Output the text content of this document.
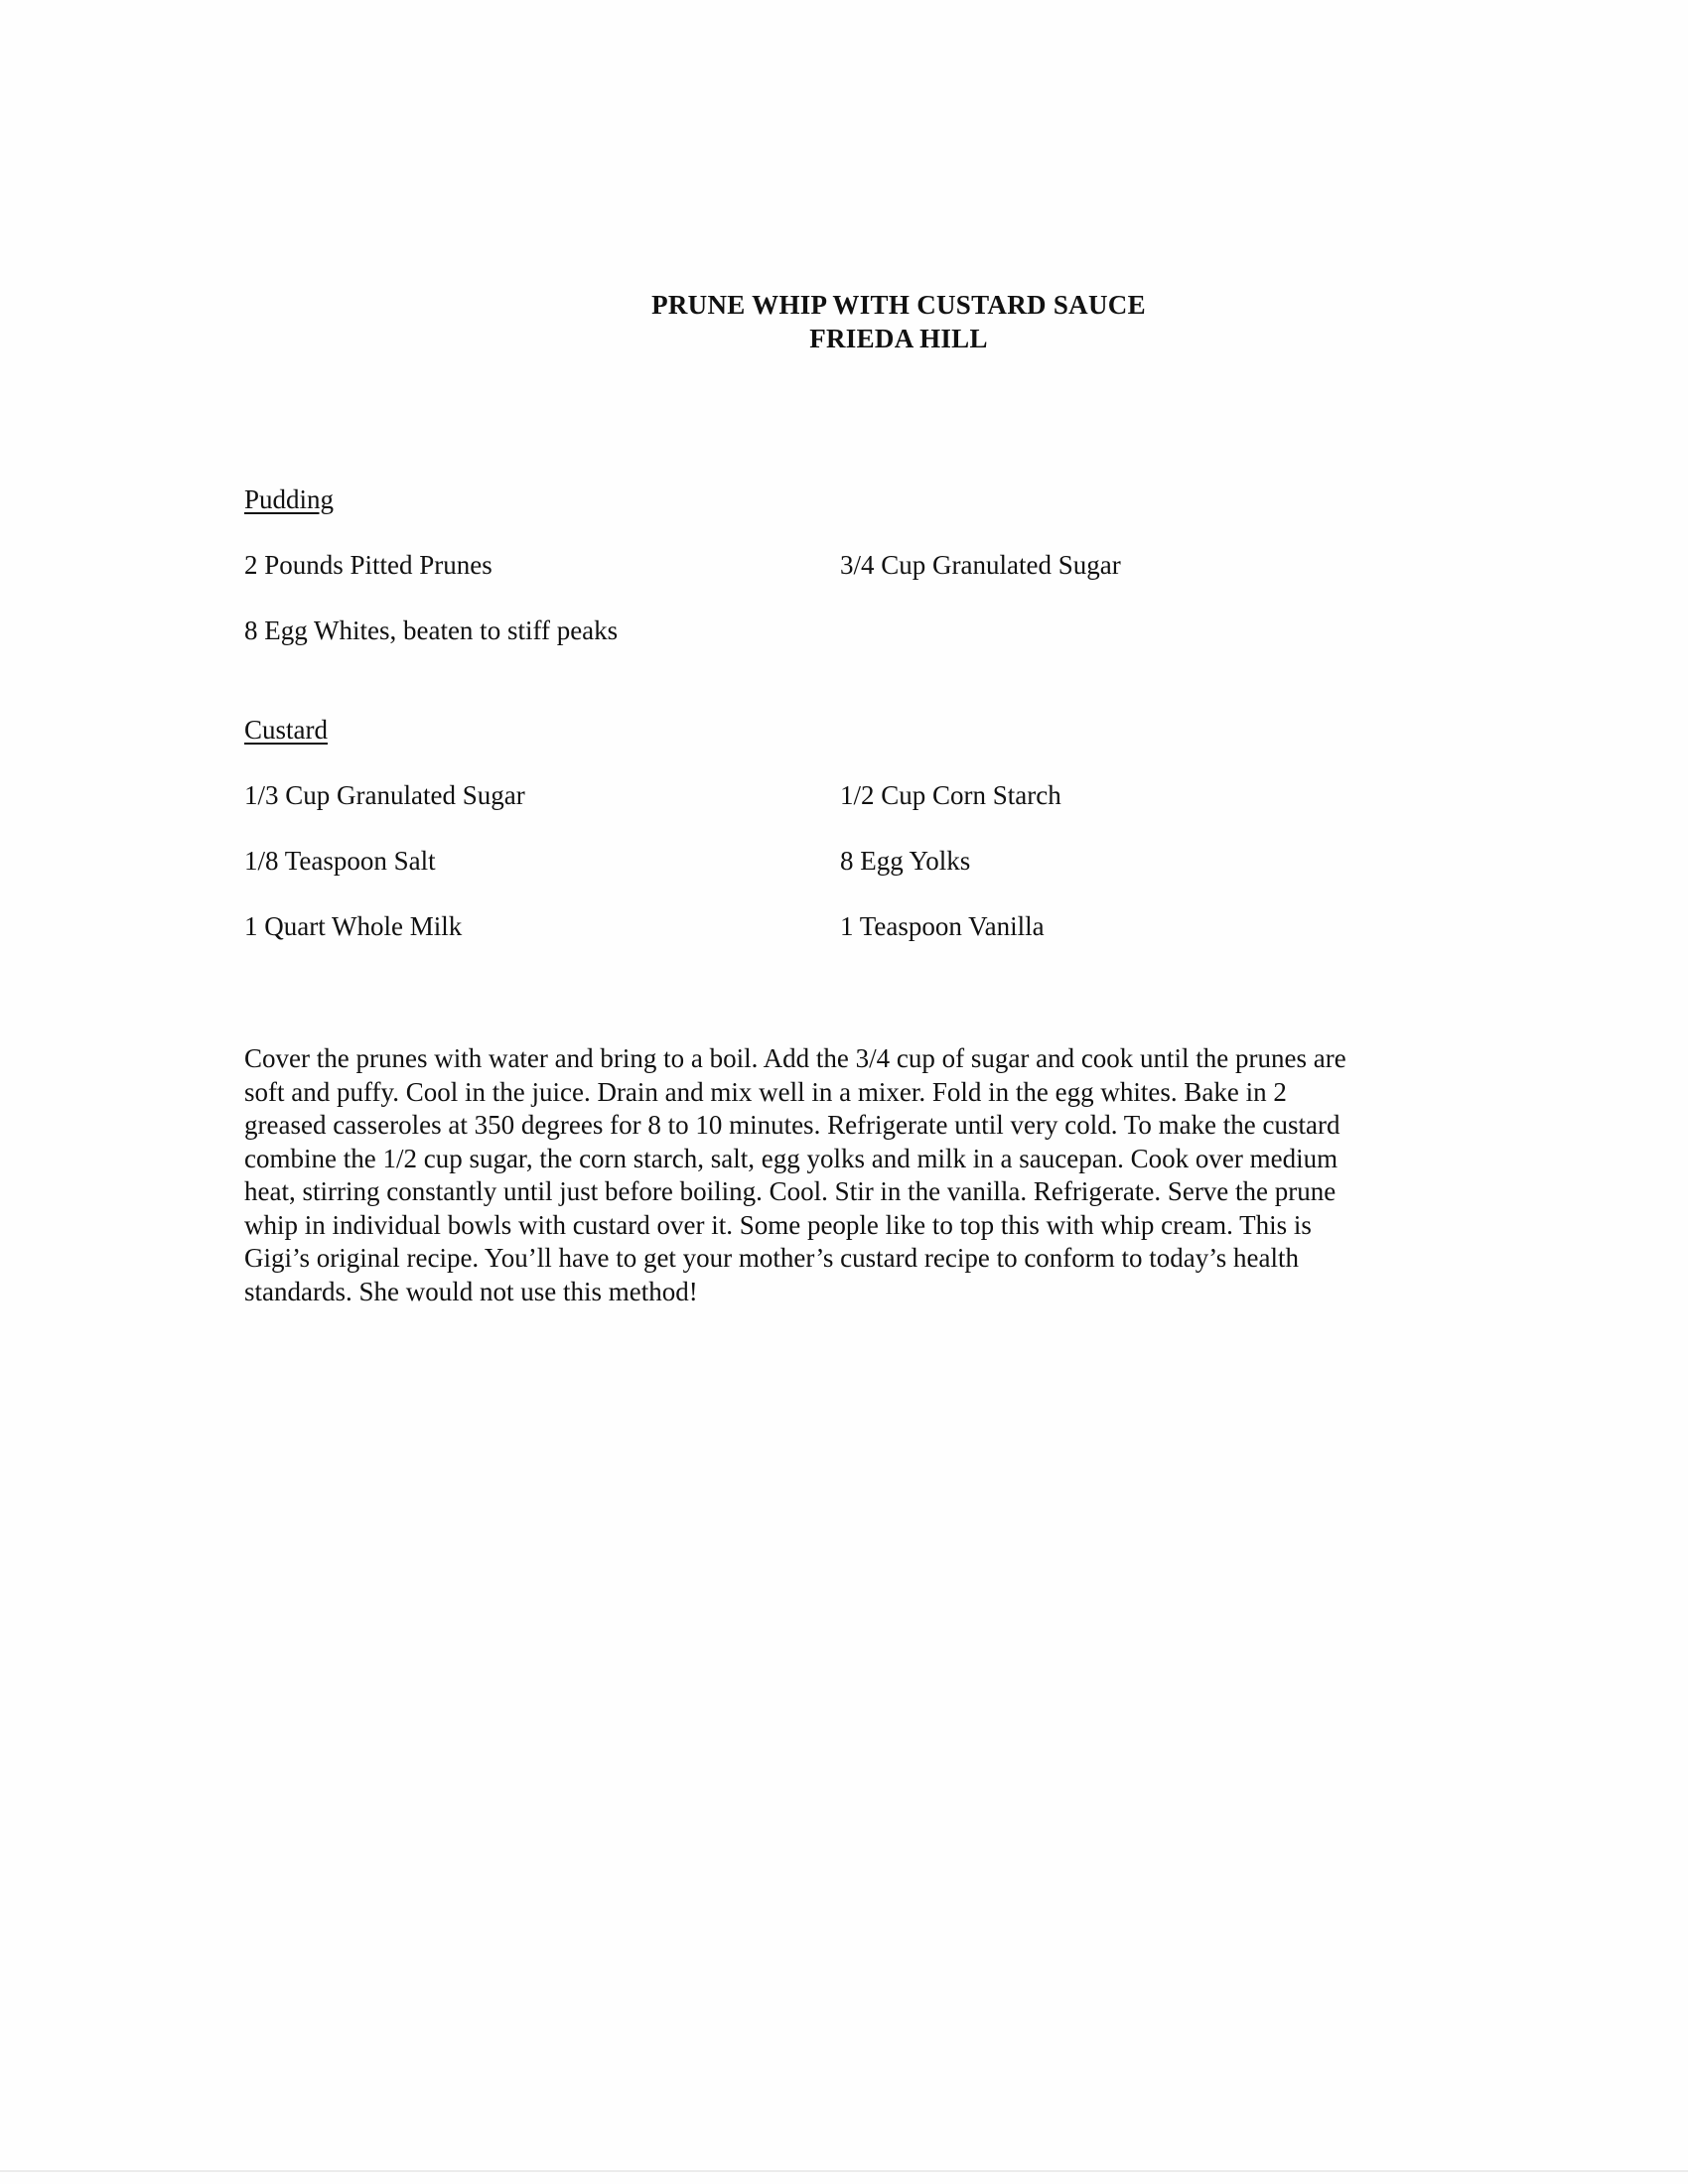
PRUNE WHIP WITH CUSTARD SAUCE
FRIEDA HILL
Pudding
2 Pounds Pitted Prunes	3/4 Cup Granulated Sugar
8 Egg Whites, beaten to stiff peaks
Custard
1/3 Cup Granulated Sugar	1/2 Cup Corn Starch
1/8 Teaspoon Salt	8 Egg Yolks
1 Quart Whole Milk	1 Teaspoon Vanilla
Cover the prunes with water and bring to a boil. Add the 3/4 cup of sugar and cook until the prunes are
soft and puffy. Cool in the juice. Drain and mix well in a mixer. Fold in the egg whites. Bake in 2
greased casseroles at 350 degrees for 8 to 10 minutes. Refrigerate until very cold. To make the custard
combine the 1/2 cup sugar, the corn starch, salt, egg yolks and milk in a saucepan. Cook over medium
heat, stirring constantly until just before boiling. Cool. Stir in the vanilla. Refrigerate. Serve the prune
whip in individual bowls with custard over it. Some people like to top this with whip cream. This is
Gigi’s original recipe. You’ll have to get your mother’s custard recipe to conform to today’s health
standards. She would not use this method!
